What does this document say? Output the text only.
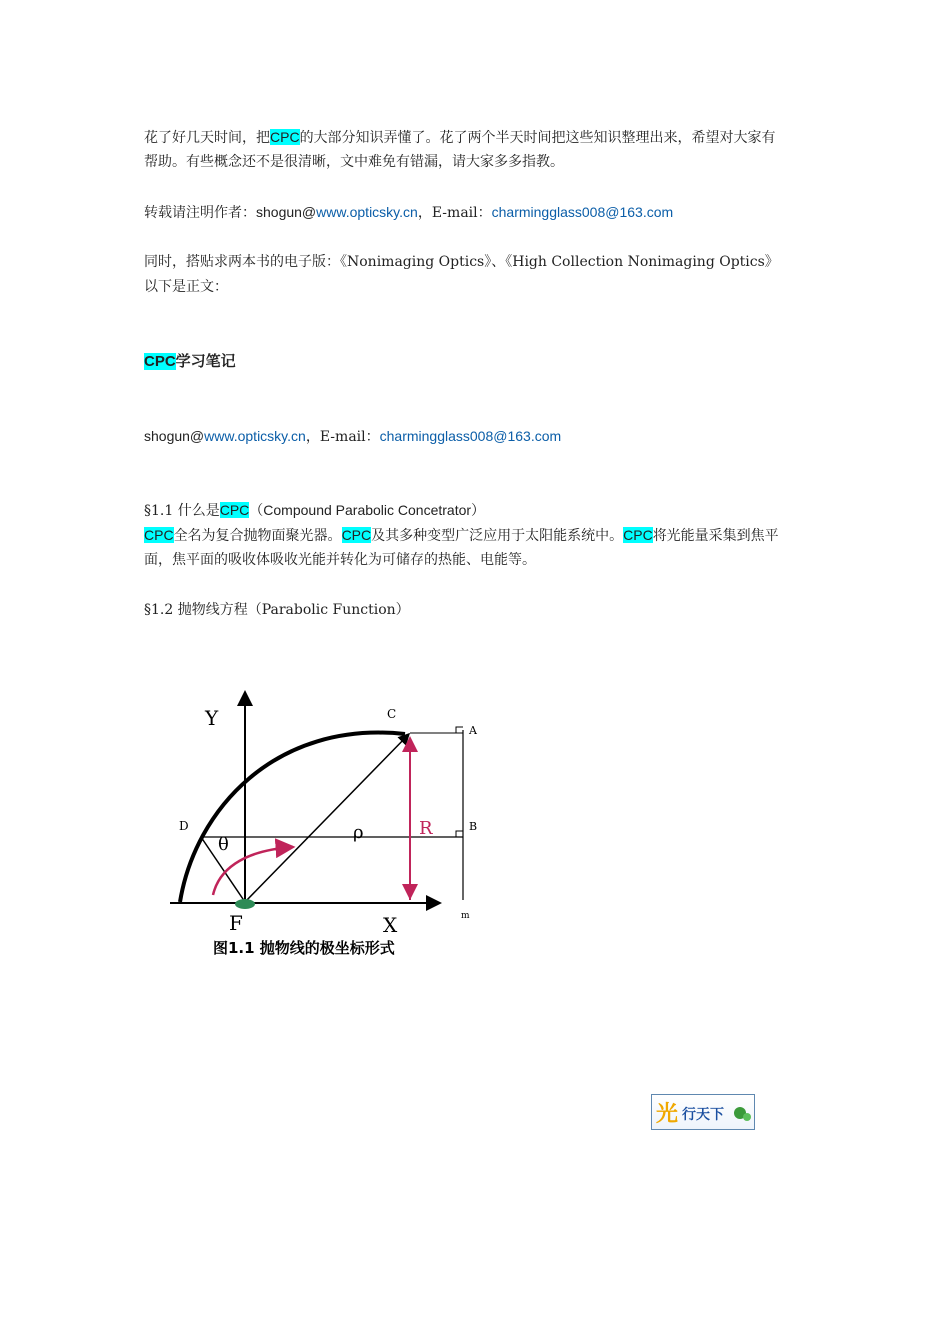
花了好几天时间，把CPC的大部分知识弄懂了。花了两个半天时间把这些知识整理出来，希望对大家有
帮助。有些概念还不是很清晰，文中难免有错漏，请大家多多指教。
转载请注明作者：shogun@www.opticsky.cn，E-mail：charmingglass008@163.com
同时，搭贴求两本书的电子版：《Nonimaging Optics》、《High Collection Nonimaging Optics》
以下是正文：
CPC学习笔记
shogun@www.opticsky.cn，E-mail：charmingglass008@163.com
§1.1 什么是CPC（Compound Parabolic Concetrator）
CPC全名为复合抛物面聚光器。CPC及其多种变型广泛应用于太阳能系统中。CPC将光能量采集到焦平
面，焦平面的吸收体吸收光能并转化为可储存的热能、电能等。
§1.2 抛物线方程（Parabolic Function）
Y	C
A
B
D
θ
ρ	R
F	X	m
图1.1 抛物线的极坐标形式
光 行天下
